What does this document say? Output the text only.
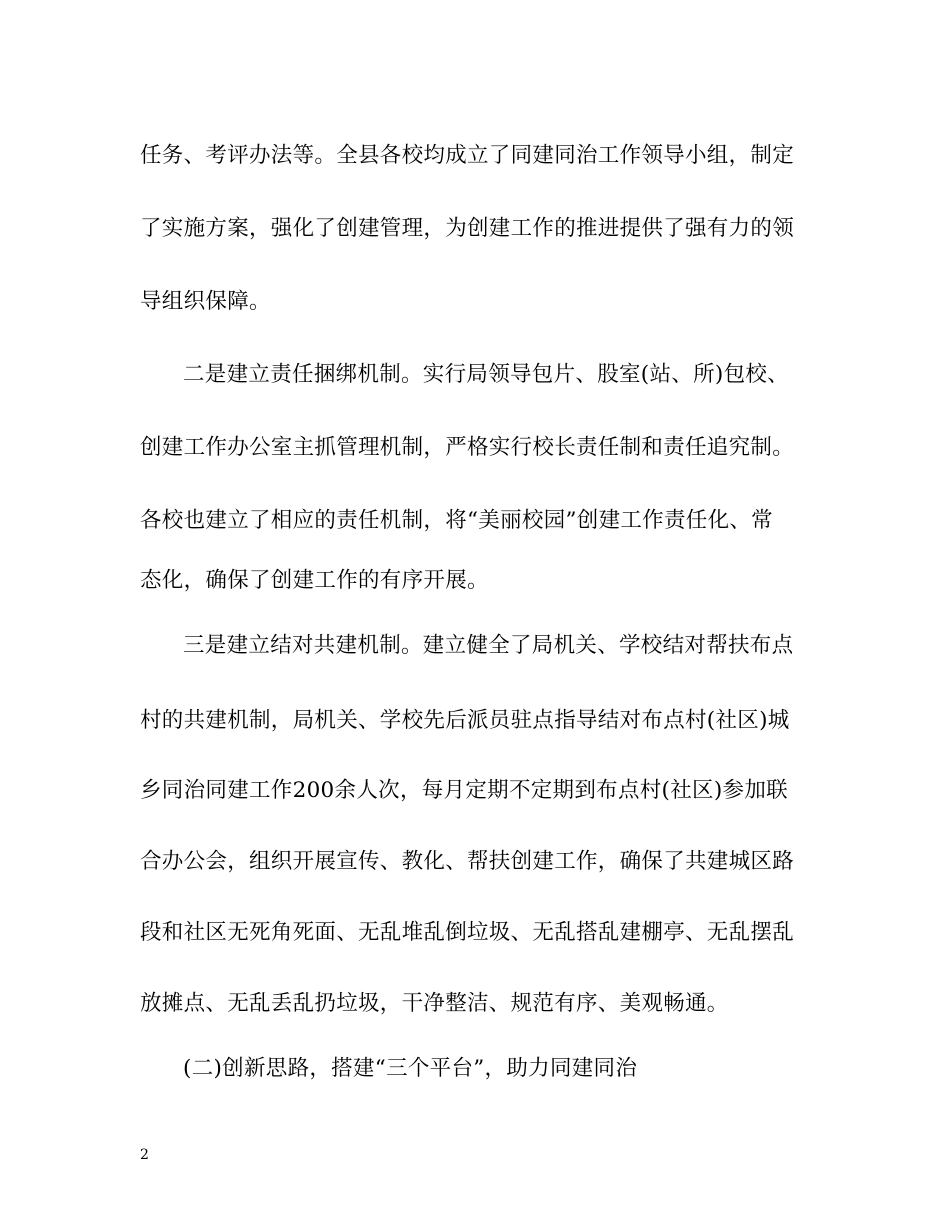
任务、考评办法等。全县各校均成立了同建同治工作领导小组，制定
了实施方案，强化了创建管理，为创建工作的推进提供了强有力的领
导组织保障。
二是建立责任捆绑机制。实行局领导包片、股室(站、所)包校、
创建工作办公室主抓管理机制，严格实行校长责任制和责任追究制。
各校也建立了相应的责任机制，将“美丽校园”创建工作责任化、常
态化，确保了创建工作的有序开展。
三是建立结对共建机制。建立健全了局机关、学校结对帮扶布点
村的共建机制，局机关、学校先后派员驻点指导结对布点村(社区)城
乡同治同建工作200余人次，每月定期不定期到布点村(社区)参加联
合办公会，组织开展宣传、教化、帮扶创建工作，确保了共建城区路
段和社区无死角死面、无乱堆乱倒垃圾、无乱搭乱建棚亭、无乱摆乱
放摊点、无乱丢乱扔垃圾，干净整洁、规范有序、美观畅通。
(二)创新思路，搭建“三个平台”，助力同建同治
2
